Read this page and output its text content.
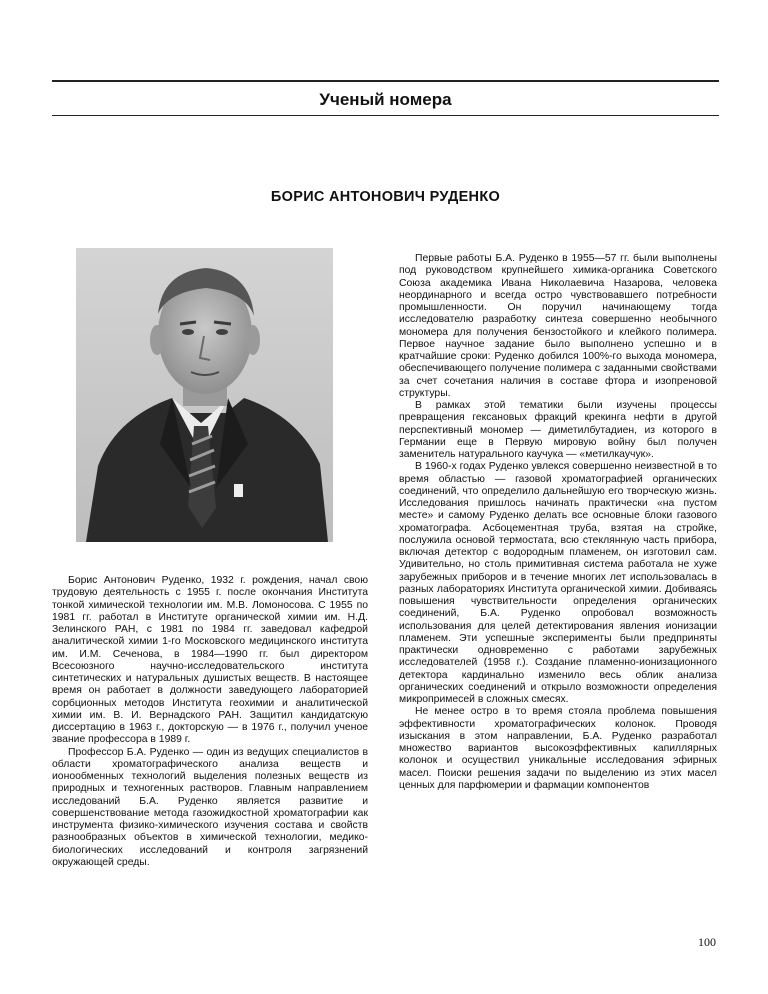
Ученый номера
БОРИС АНТОНОВИЧ РУДЕНКО

Борис Антонович Руденко, 1932 г. рождения, начал свою трудовую деятельность с 1955 г. после окончания Института тонкой химической технологии им. М.В. Ломоносова. С 1955 по 1981 гг. работал в Институте органической химии им. Н.Д. Зелинского РАН, с 1981 по 1984 гг. заведовал кафедрой аналитической химии 1-го Московского медицинского института им. И.М. Сеченова, в 1984—1990 гг. был директором Всесоюзного научно-исследовательского института синтетических и натуральных душистых веществ. В настоящее время он работает в должности заведующего лабораторией сорбционных методов Института геохимии и аналитической химии им. В. И. Вернадского РАН. Защитил кандидатскую диссертацию в 1963 г., докторскую — в 1976 г., получил ученое звание профессора в 1989 г.

Профессор Б.А. Руденко — один из ведущих специалистов в области хроматографического анализа веществ и ионообменных технологий выделения полезных веществ из природных и техногенных растворов. Главным направлением исследований Б.А. Руденко является развитие и совершенствование метода газожидкостной хроматографии как инструмента физико-химического изучения состава и свойств разнообразных объектов в химической технологии, медико-биологических исследований и контроля загрязнений окружающей среды.

Первые работы Б.А. Руденко в 1955—57 гг. были выполнены под руководством крупнейшего химика-органика Советского Союза академика Ивана Николаевича Назарова, человека неординарного и всегда остро чувствовавшего потребности промышленности. Он поручил начинающему тогда исследователю разработку синтеза совершенно необычного мономера для получения бензостойкого и клейкого полимера. Первое научное задание было выполнено успешно и в кратчайшие сроки: Руденко добился 100%-го выхода мономера, обеспечивающего получение полимера с заданными свойствами за счет сочетания наличия в составе фтора и изопреновой структуры.

В рамках этой тематики были изучены процессы превращения гексановых фракций крекинга нефти в другой перспективный мономер — диметилбутадиен, из которого в Германии еще в Первую мировую войну был получен заменитель натурального каучука — «метилкаучук».

В 1960-х годах Руденко увлекся совершенно неизвестной в то время областью — газовой хроматографией органических соединений, что определило дальнейшую его творческую жизнь. Исследования пришлось начинать практически «на пустом месте» и самому Руденко делать все основные блоки газового хроматографа. Асбоцементная труба, взятая на стройке, послужила основой термостата, всю стеклянную часть прибора, включая детектор с водородным пламенем, он изготовил сам. Удивительно, но столь примитивная система работала не хуже зарубежных приборов и в течение многих лет использовалась в разных лабораториях Института органической химии. Добиваясь повышения чувствительности определения органических соединений, Б.А. Руденко опробовал возможность использования для целей детектирования явления ионизации пламенем. Эти успешные эксперименты были предприняты практически одновременно с работами зарубежных исследователей (1958 г.). Создание пламенно-ионизационного детектора кардинально изменило весь облик анализа органических соединений и открыло возможности определения микропримесей в сложных смесях.

Не менее остро в то время стояла проблема повышения эффективности хроматографических колонок. Проводя изыскания в этом направлении, Б.А. Руденко разработал множество вариантов высокоэффективных капиллярных колонок и осуществил уникальные исследования эфирных масел. Поиски решения задачи по выделению из этих масел ценных для парфюмерии и фармации компонентов

100
